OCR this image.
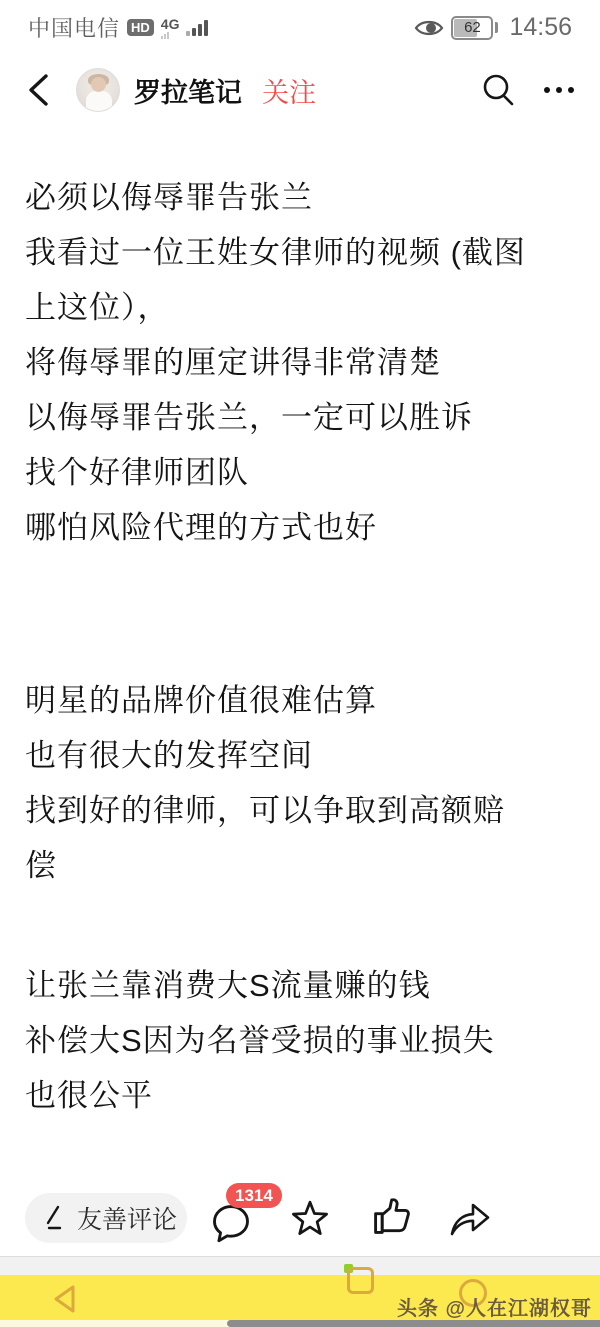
中国电信 HD 4G	62 14:56
罗拉笔记 关注
必须以侮辱罪告张兰
我看过一位王姓女律师的视频 (截图
上这位），
将侮辱罪的厘定讲得非常清楚
以侮辱罪告张兰，一定可以胜诉
找个好律师团队
哪怕风险代理的方式也好
明星的品牌价值很难估算
也有很大的发挥空间
找到好的律师，可以争取到高额赔
偿
让张兰靠消费大S流量赚的钱
补偿大S因为名誉受损的事业损失
也很公平
友善评论
1314
头条 @人在江湖权哥
